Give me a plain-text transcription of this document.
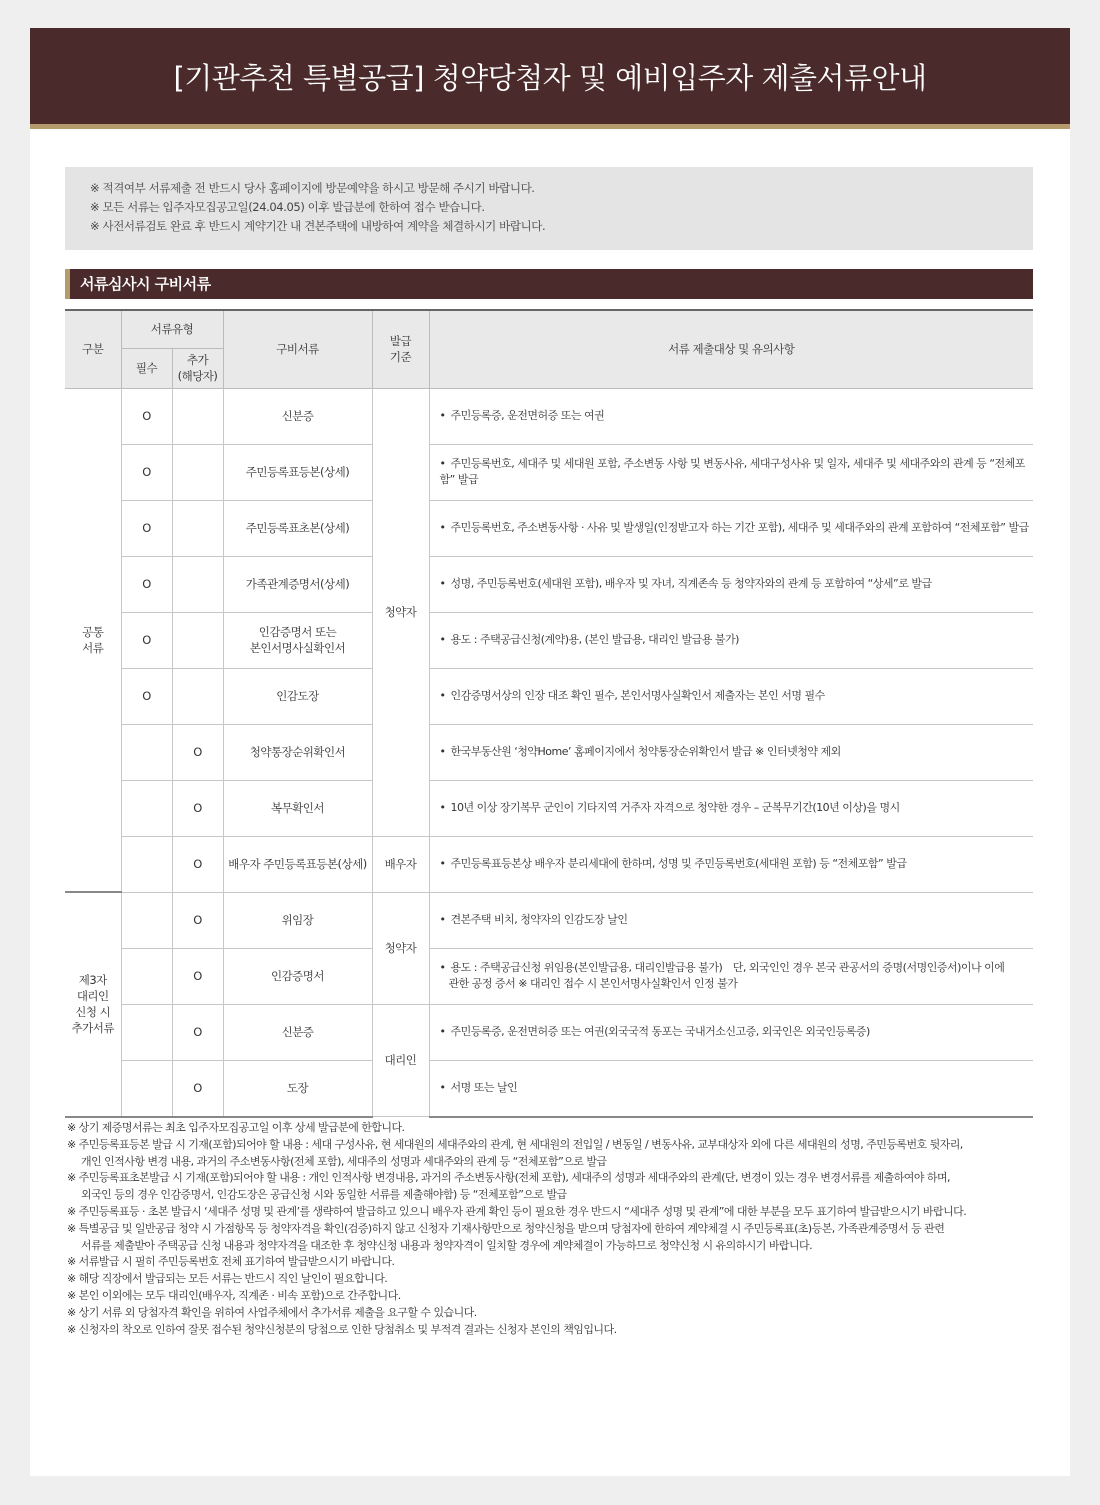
[기관추천 특별공급] 청약당첨자 및 예비입주자 제출서류안내
※ 적격여부 서류제출 전 반드시 당사 홈페이지에 방문예약을 하시고 방문해 주시기 바랍니다.
※ 모든 서류는 입주자모집공고일(24.04.05) 이후 발급분에 한하여 접수 받습니다.
※ 사전서류검토 완료 후 반드시 계약기간 내 견본주택에 내방하여 계약을 체결하시기 바랍니다.
서류심사시 구비서류
구분	서류유형		구비서류	발급
기준	서류 제출대상 및 유의사항
	필수	추가
(해당자)			
공통
서류	O		신분증	청약자	• 주민등록증, 운전면허증 또는 여권

	O		주민등록표등본(상세)		• 주민등록번호, 세대주 및 세대원 포함, 주소변동 사항 및 변동사유, 세대구성사유 및 일자, 세대주 및 세대주와의 관계 등 “전체포함” 발급

	O		주민등록표초본(상세)		• 주민등록번호, 주소변동사항 · 사유 및 발생일(인정받고자 하는 기간 포함), 세대주 및 세대주와의 관계 포함하여 “전체포함” 발급

	O		가족관계증명서(상세)		• 성명, 주민등록번호(세대원 포함), 배우자 및 자녀, 직계존속 등 청약자와의 관계 등 포함하여 “상세”로 발급

	O		인감증명서 또는
본인서명사실확인서		• 용도 : 주택공급신청(계약)용, (본인 발급용, 대리인 발급용 불가)

	O		인감도장		• 인감증명서상의 인장 대조 확인 필수, 본인서명사실확인서 제출자는 본인 서명 필수

		O	청약통장순위확인서		• 한국부동산원 ‘청약Home’ 홈페이지에서 청약통장순위확인서 발급 ※ 인터넷청약 제외

		O	복무확인서		• 10년 이상 장기복무 군인이 기타지역 거주자 자격으로 청약한 경우 – 군복무기간(10년 이상)을 명시

		O	배우자 주민등록표등본(상세)	배우자	• 주민등록표등본상 배우자 분리세대에 한하며, 성명 및 주민등록번호(세대원 포함) 등 “전체포함” 발급

제3자
대리인
신청 시
추가서류		O	위임장	청약자	• 견본주택 비치, 청약자의 인감도장 날인

		O	인감증명서		• 용도 : 주택공급신청 위임용(본인발급용, 대리인발급용 불가)　단, 외국인인 경우 본국 관공서의 증명(서명인증서)이나 이에
관한 공정 증서 ※ 대리인 접수 시 본인서명사실확인서 인정 불가

		O	신분증	대리인	• 주민등록증, 운전면허증 또는 여권(외국국적 동포는 국내거소신고증, 외국인은 외국인등록증)

		O	도장		• 서명 또는 날인
※ 상기 제증명서류는 최초 입주자모집공고일 이후 상세 발급분에 한합니다.
※ 주민등록표등본 발급 시 기재(포함)되어야 할 내용 : 세대 구성사유, 현 세대원의 세대주와의 관계, 현 세대원의 전입일 / 변동일 / 변동사유, 교부대상자 외에 다른 세대원의 성명, 주민등록번호 뒷자리,
개인 인적사항 변경 내용, 과거의 주소변동사항(전체 포함), 세대주의 성명과 세대주와의 관계 등 “전체포함”으로 발급
※ 주민등록표초본발급 시 기재(포함)되어야 할 내용 : 개인 인적사항 변경내용, 과거의 주소변동사항(전체 포함), 세대주의 성명과 세대주와의 관계(단, 변경이 있는 경우 변경서류를 제출하여야 하며,
외국인 등의 경우 인감증명서, 인감도장은 공급신청 시와 동일한 서류를 제출해야함) 등 “전체포함”으로 발급
※ 주민등록표등 · 초본 발급시 ‘세대주 성명 및 관계’를 생략하여 발급하고 있으니 배우자 관계 확인 등이 필요한 경우 반드시 “세대주 성명 및 관계”에 대한 부분을 모두 표기하여 발급받으시기 바랍니다.
※ 특별공급 및 일반공급 청약 시 가점항목 등 청약자격을 확인(검증)하지 않고 신청자 기재사항만으로 청약신청을 받으며 당첨자에 한하여 계약체결 시 주민등록표(초)등본, 가족관계증명서 등 관련
서류를 제출받아 주택공급 신청 내용과 청약자격을 대조한 후 청약신청 내용과 청약자격이 일치할 경우에 계약체결이 가능하므로 청약신청 시 유의하시기 바랍니다.
※ 서류발급 시 필히 주민등록번호 전체 표기하여 발급받으시기 바랍니다.
※ 해당 직장에서 발급되는 모든 서류는 반드시 직인 날인이 필요합니다.
※ 본인 이외에는 모두 대리인(배우자, 직계존 · 비속 포함)으로 간주합니다.
※ 상기 서류 외 당첨자격 확인을 위하여 사업주체에서 추가서류 제출을 요구할 수 있습니다.
※ 신청자의 착오로 인하여 잘못 접수된 청약신청분의 당첨으로 인한 당첨취소 및 부적격 결과는 신청자 본인의 책임입니다.
